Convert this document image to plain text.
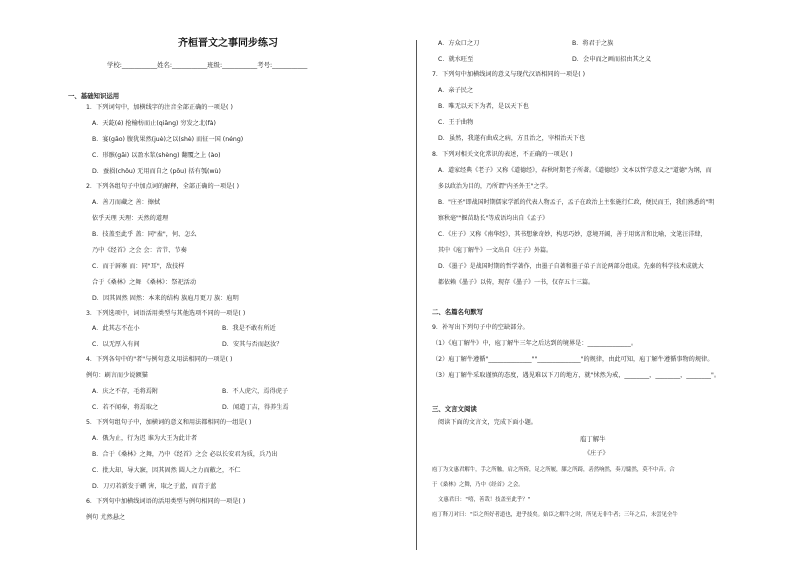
齐桓晋文之事同步练习
学校:___________姓名:___________班级:___________考号:___________
一、基础知识运用
1．下列词句中，加横线字的注音全部正确的一项是( )
A．天龁(é) 抢榆枋而止(qiāng) 穷发之北(fà)
B．宴(gāo) 腹犹果然(juè)之以(shè) 而征一国 (néng)
C．形骸(gāi) 以盈水浆(shèng) 翻覆之上 (ào)
D．蚕损(chōu) 无用而自之 (pōu) 括有瓠(wù)
2．下列各组句子中加点词的解释，全部正确的一项是( )
A．善刀而藏之 善：擦拭
依乎天理 天理：天然的道理
B．技盖至此乎 盖：同"盍"，何、怎么
乃中《经首》之会 会：音节、节奏
C．而于唇寨 而：同"耳"，敌技样
合于《桑林》之舞 《桑林》：祭祀活动
D．因其固然 固然：本来的结构 族庖月更刀 族：庖明
3．下列选项中，词语活用类型与其他选项不同的一项是( )
A．此其志不在小	B．我是不敢有所近
C．以无厚入有间	D．安其与否而赵汝？
4．下列各句中的"者"与例句意义用法相同的一项是( )
例句：刷言而少说额猫
A．庆之不存，毛将焉附	B．不人虎穴，焉得虎子
C．若不闻奉，将焉取之	D．闻道丁吉，得养生焉
5．下列句组句子中，加横词的意义和用法都相同的一组是( )
A．俄为止，行为迟 谁为大王为此计者
B．合于《桑林》之舞，乃中《经首》之会 必以长安君为质，兵乃出
C．批大却，导大窾，因其固然 圆人之力而敝之，不仁
D．刀刃若新发于硎 害，取之于蓝，而青于蓝
6．下列句中加横线词语的活用类型与例句相同的一项是( )
例句 尤然悬之
A．方众口之刀	B．将君于之族
C．就水旺至	D．会申而之画而招由其之义
7．下列句中加横线词的意义与现代汉语相同的一项是( )
A．亲子民之
B．唯无以天下为者，是以天下也
C．王于曲物
D．虽然，我遂有曲成之病，方且治之，宰相治天下也
8．下列对相关文化常识的表述，不正确的一项是( )
A．道家经典《老子》又称《道德经》，春秋时期老子所著。《道德经》文本以哲学意义之"道德"为纲，而
多以政治为目的，乃所谓"内圣外王"之学。
B．"庄圣"即战国时期儒家学派的代表人物孟子，孟子在政治上主张施行仁政，便民而王，我们熟悉的"明
察秋毫""揠苗助长"等成语均出自《孟子》
C．《庄子》又称《南华经》，其书想象奇妙，构思巧妙，意境开阔，善于用寓言和比喻，文笔汪洋肆，
其中《庖丁解牛》一文出自《庄子》外篇。
D．《墨子》是战国时期的哲学著作，由墨子自著和墨子弟子言论两部分组成。先秦的科学技术成就大
都依赖《墨子》以传，现存《墨子》一书，仅存五十三篇。
二、名篇名句默写
9．补写出下列句子中的空缺部分。
（1）《庖丁解牛》中，庖丁解牛三年之后达到的境界是：______________。
（2）庖丁解牛遵循"______________""______________"的规律，由此可知，庖丁解牛遵循事物的规律。
（3）庖丁解牛采取谨慎的态度，遇见难以下刀的地方，就"怵然为戒，________，________，________"。
三、文言文阅读
阅读下面的文言文，完成下面小题。
庖丁解牛
《庄子》
庖丁为文惠君解牛，手之所触，肩之所倚，足之所履，膝之所踦，砉然响然，奏刀騞然，莫不中音。合
于《桑林》之舞，乃中《经首》之会。
文惠君曰："嘻，善哉！技盖至此乎？"
庖丁释刀对曰："臣之所好者道也，进乎技矣。始臣之解牛之时，所见无非牛者；三年之后，未尝见全牛
